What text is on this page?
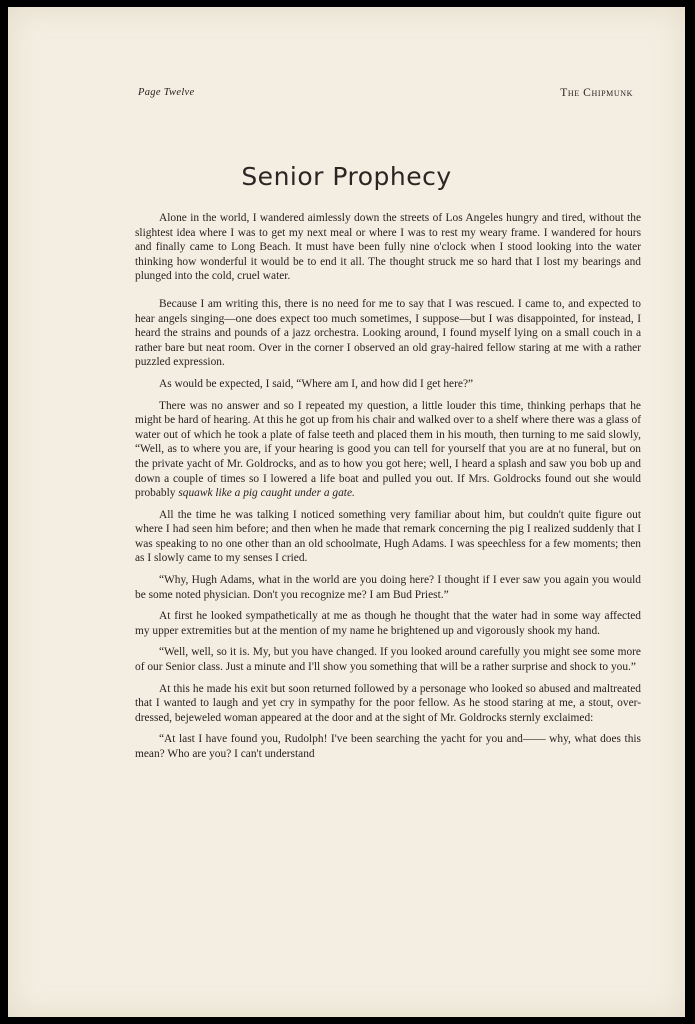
Page Twelve	The Chipmunk
Senior Prophecy

Alone in the world, I wandered aimlessly down the streets of Los Angeles hungry and tired, without the slightest idea where I was to get my next meal or where I was to rest my weary frame. I wandered for hours and finally came to Long Beach. It must have been fully nine o'clock when I stood looking into the water thinking how wonderful it would be to end it all. The thought struck me so hard that I lost my bearings and plunged into the cold, cruel water.

Because I am writing this, there is no need for me to say that I was rescued. I came to, and expected to hear angels singing—one does expect too much sometimes, I suppose—but I was disappointed, for instead, I heard the strains and pounds of a jazz orchestra. Looking around, I found myself lying on a small couch in a rather bare but neat room. Over in the corner I observed an old gray-haired fellow staring at me with a rather puzzled expression.

As would be expected, I said, “Where am I, and how did I get here?”

There was no answer and so I repeated my question, a little louder this time, thinking perhaps that he might be hard of hearing. At this he got up from his chair and walked over to a shelf where there was a glass of water out of which he took a plate of false teeth and placed them in his mouth, then turning to me said slowly, “Well, as to where you are, if your hearing is good you can tell for yourself that you are at no funeral, but on the private yacht of Mr. Goldrocks, and as to how you got here; well, I heard a splash and saw you bob up and down a couple of times so I lowered a life boat and pulled you out. If Mrs. Goldrocks found out she would probably squawk like a pig caught under a gate.

All the time he was talking I noticed something very familiar about him, but couldn't quite figure out where I had seen him before; and then when he made that remark concerning the pig I realized suddenly that I was speaking to no one other than an old schoolmate, Hugh Adams. I was speechless for a few moments; then as I slowly came to my senses I cried.

“Why, Hugh Adams, what in the world are you doing here? I thought if I ever saw you again you would be some noted physician. Don't you recognize me? I am Bud Priest.”

At first he looked sympathetically at me as though he thought that the water had in some way affected my upper extremities but at the mention of my name he brightened up and vigorously shook my hand.

“Well, well, so it is. My, but you have changed. If you looked around carefully you might see some more of our Senior class. Just a minute and I'll show you something that will be a rather surprise and shock to you.”

At this he made his exit but soon returned followed by a personage who looked so abused and maltreated that I wanted to laugh and yet cry in sympathy for the poor fellow. As he stood staring at me, a stout, over-dressed, bejeweled woman appeared at the door and at the sight of Mr. Goldrocks sternly exclaimed:

“At last I have found you, Rudolph! I've been searching the yacht for you and—— why, what does this mean? Who are you? I can't understand
